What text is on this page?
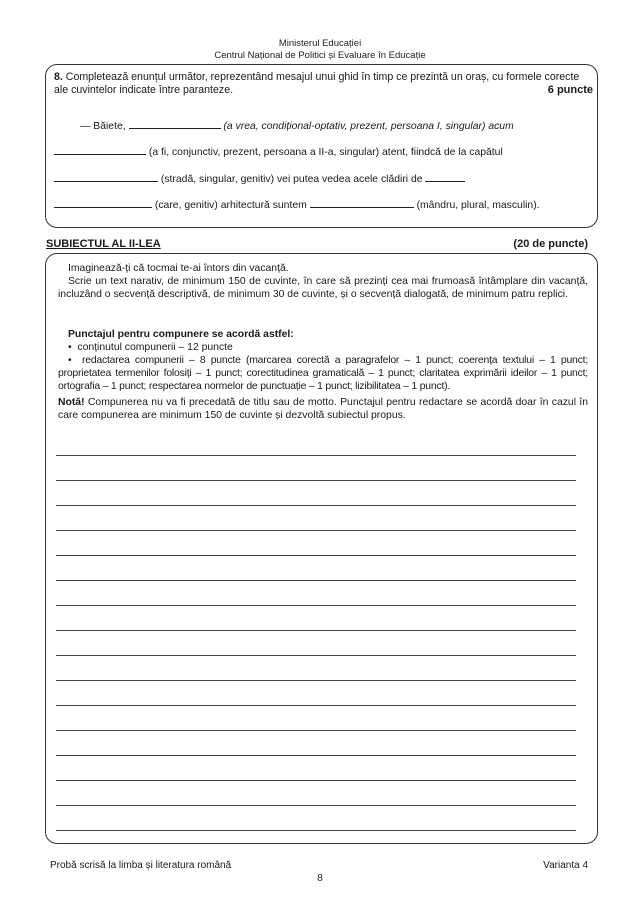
Ministerul Educației
Centrul Național de Politici și Evaluare în Educație
8. Completează enunțul următor, reprezentând mesajul unui ghid în timp ce prezintă un oraș, cu formele corecte ale cuvintelor indicate între paranteze.	6 puncte
— Băiete,	(a vrea, condițional-optativ, prezent, persoana I, singular) acum
(a fi, conjunctiv, prezent, persoana a II-a, singular) atent, fiindcă de la capătul
(stradă, singular, genitiv) vei putea vedea acele clădiri de
(care, genitiv) arhitectură suntem	(mândru, plural, masculin).
SUBIECTUL AL II-LEA	(20 de puncte)
Imaginează-ți că tocmai te-ai întors din vacanță.
Scrie un text narativ, de minimum 150 de cuvinte, în care să prezinți cea mai frumoasă întâmplare din vacanță, incluzând o secvență descriptivă, de minimum 30 de cuvinte, și o secvență dialogată, de minimum patru replici.
Punctajul pentru compunere se acordă astfel:
•  conținutul compunerii – 12 puncte
•  redactarea compunerii – 8 puncte (marcarea corectă a paragrafelor – 1 punct; coerența textului – 1 punct; proprietatea termenilor folosiți – 1 punct; corectitudinea gramaticală – 1 punct; claritatea exprimării ideilor – 1 punct; ortografia – 1 punct; respectarea normelor de punctuație – 1 punct; lizibilitatea – 1 punct).
Notă! Compunerea nu va fi precedată de titlu sau de motto. Punctajul pentru redactare se acordă doar în cazul în care compunerea are minimum 150 de cuvinte și dezvoltă subiectul propus.
Probă scrisă la limba și literatura română	Varianta 4
8
